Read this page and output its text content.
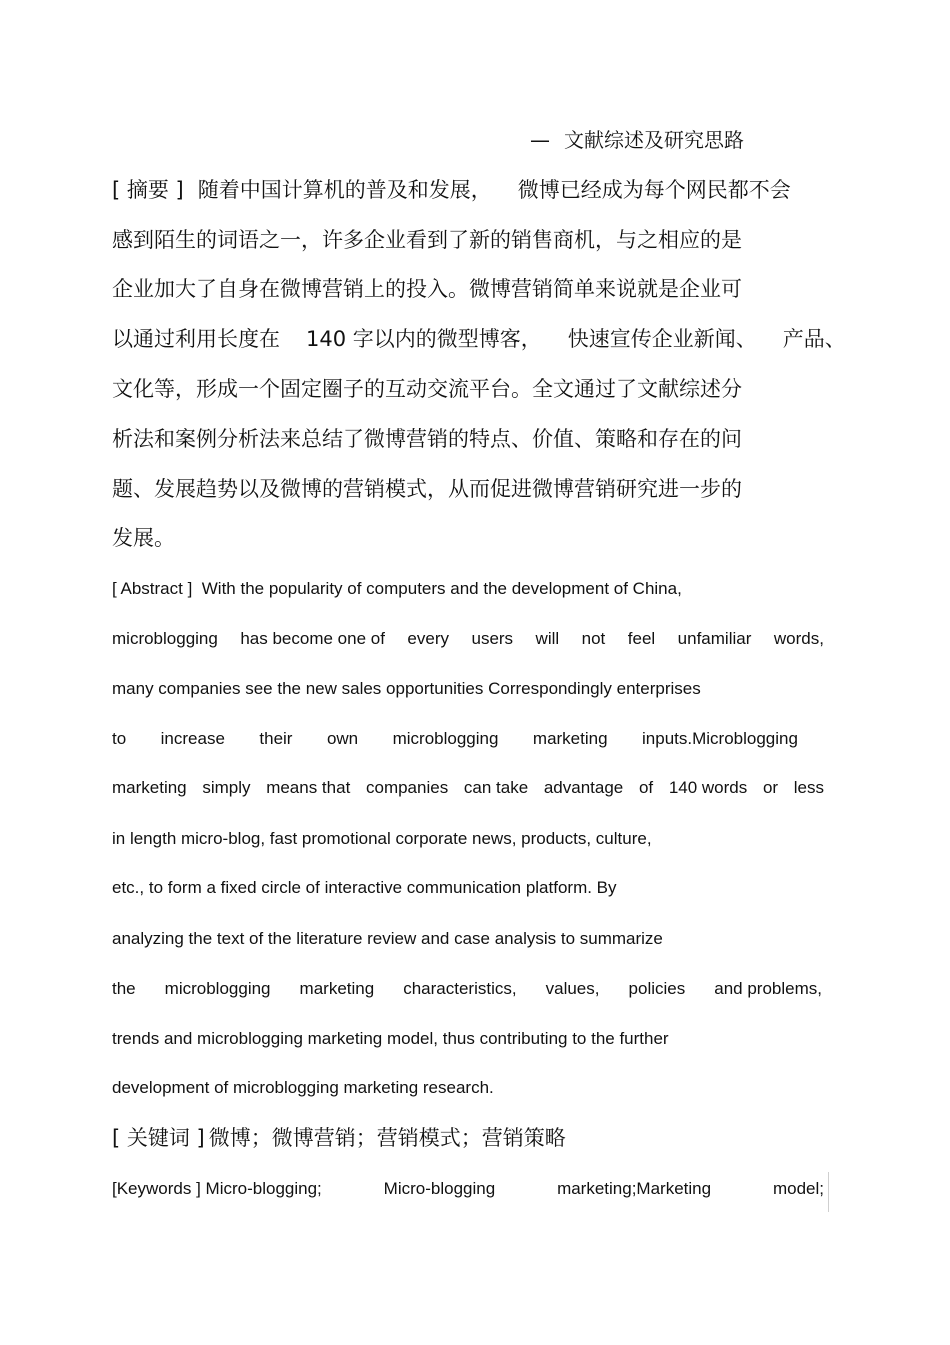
— 文献综述及研究思路
[ 摘要 ] 随着中国计算机的普及和发展， 微博已经成为每个网民都不会
感到陌生的词语之一，许多企业看到了新的销售商机，与之相应的是
企业加大了自身在微博营销上的投入。微博营销简单来说就是企业可
以通过利用长度在 140 字以内的微型博客， 快速宣传企业新闻、 产品、
文化等，形成一个固定圈子的互动交流平台。全文通过了文献综述分
析法和案例分析法来总结了微博营销的特点、价值、策略和存在的问
题、发展趋势以及微博的营销模式，从而促进微博营销研究进一步的
发展。
[ Abstract ] With the popularity of computers and the development of China,
microblogging has become one of every users will not feel unfamiliar words,
many companies see the new sales opportunities Correspondingly enterprises
to increase their own microblogging marketing inputs.Microblogging
marketing simply means that companies can take advantage of 140 words or less
in length micro-blog, fast promotional corporate news, products, culture,
etc., to form a fixed circle of interactive communication platform. By
analyzing the text of the literature review and case analysis to summarize
the microblogging marketing characteristics, values, policies and problems,
trends and microblogging marketing model, thus contributing to the further
development of microblogging marketing research.
[ 关键词 ] 微博；微博营销；营销模式；营销策略
[Keywords ] Micro-blogging;	Micro-blogging	marketing;Marketing	model;
